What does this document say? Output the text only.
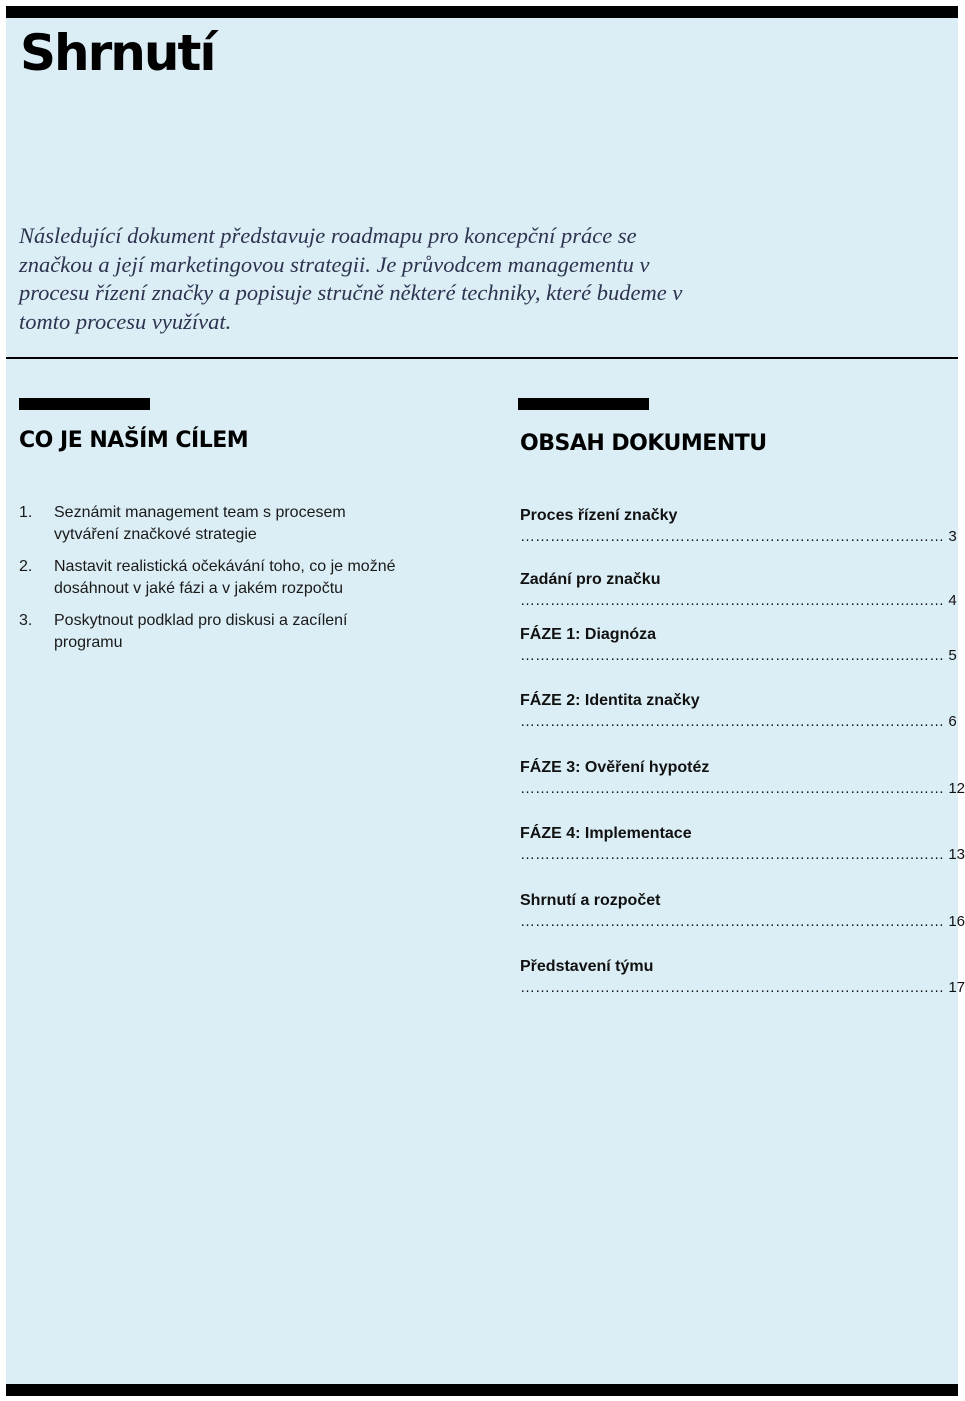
Shrnutí

Následující dokument představuje roadmapu pro koncepční práce se značkou a její marketingovou strategii. Je průvodcem managementu v procesu řízení značky a popisuje stručně některé techniky, které budeme v tomto procesu využívat.

CO JE NAŠÍM CÍLEM
1.	Seznámit management team s procesem vytváření značkové strategie
2.	Nastavit realistická očekávání toho, co je možné dosáhnout v jaké fázi a v jakém rozpočtu
3.	Poskytnout podklad pro diskusi a zacílení programu
OBSAH DOKUMENTU
Proces řízení značky
…………………………………………………………………….…… 3
Zadání pro značku
…………………………………………………………………….…… 4
FÁZE 1: Diagnóza
…………………………………………………………………….…… 5
FÁZE 2: Identita značky
…………………………………………………………………….…… 6
FÁZE 3: Ověření hypotéz
…………………………………………………………………….…… 12
FÁZE 4: Implementace
…………………………………………………………………….…… 13
Shrnutí a rozpočet
…………………………………………………………………….…… 16
Představení týmu
…………………………………………………………………….…… 17
